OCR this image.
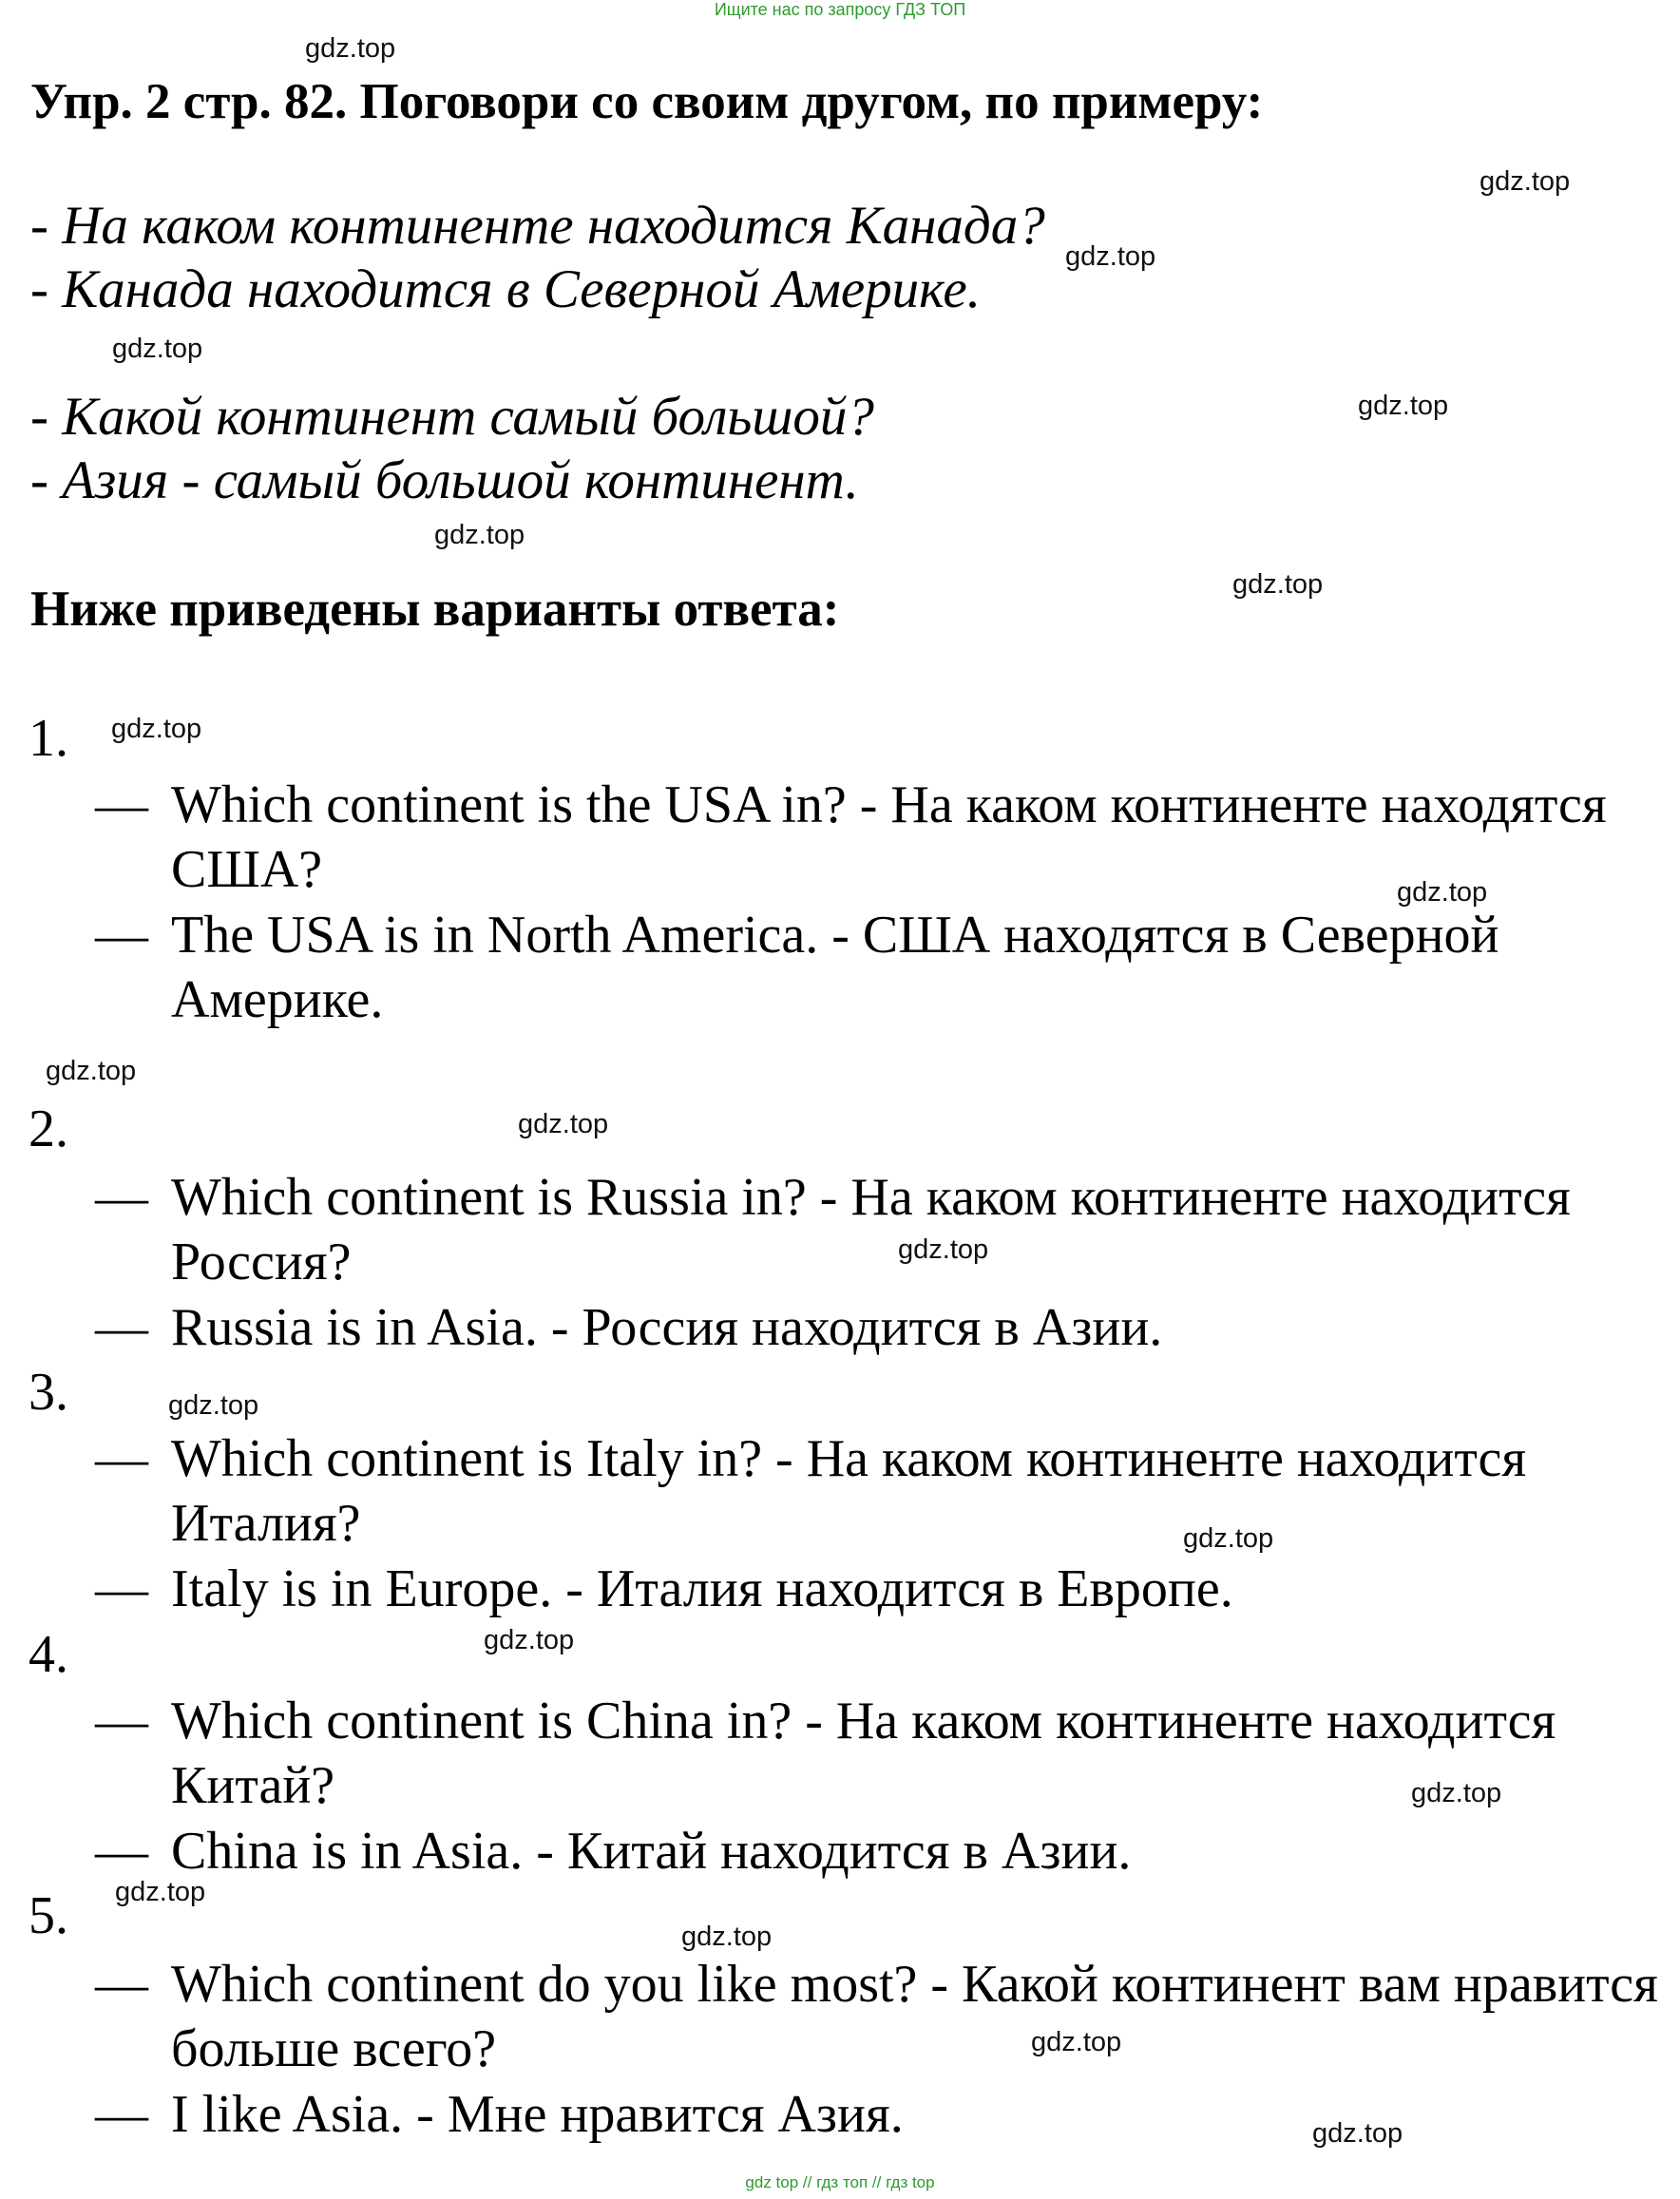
Ищите нас по запросу ГДЗ ТОП
Упр. 2 стр. 82. Поговори со своим другом, по примеру:
- На каком континенте находится Канада?
- Канада находится в Северной Америке.
- Какой континент самый большой?
- Азия - самый большой континент.
Ниже приведены варианты ответа:
1.
— Which continent is the USA in? - На каком континенте находятся США?
— The USA is in North America. - США находятся в Северной Америке.
2.
— Which continent is Russia in? - На каком континенте находится Россия?
— Russia is in Asia. - Россия находится в Азии.
3.
— Which continent is Italy in? - На каком континенте находится Италия?
— Italy is in Europe. - Италия находится в Европе.
4.
— Which continent is China in? - На каком континенте находится Китай?
— China is in Asia. - Китай находится в Азии.
5.
— Which continent do you like most? - Какой континент вам нравится больше всего?
— I like Asia. - Мне нравится Азия.
gdz.top
gdz.top
gdz.top
gdz.top
gdz.top
gdz.top
gdz.top
gdz.top
gdz.top
gdz.top
gdz.top
gdz.top
gdz.top
gdz.top
gdz.top
gdz.top
gdz.top
gdz.top
gdz.top
gdz.top
gdz top // гдз топ // гдз top
